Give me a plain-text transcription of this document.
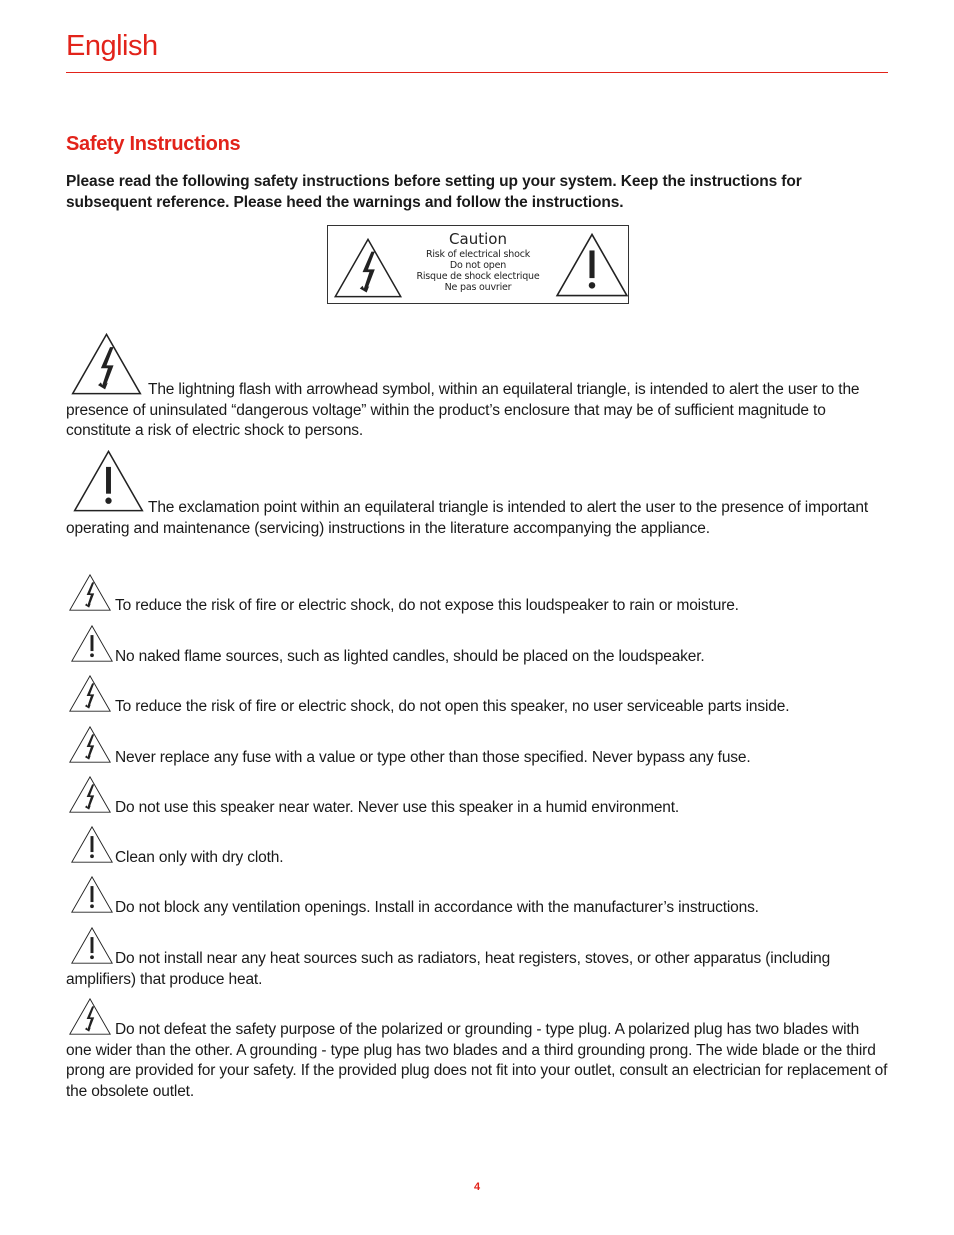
English
Safety Instructions
Please read the following safety instructions before setting up your system. Keep the instructions for subsequent reference. Please heed the warnings and follow the instructions.
Caution
Risk of electrical shock
Do not open
Risque de shock electrique
Ne pas ouvrier
The lightning flash with arrowhead symbol, within an equilateral triangle, is intended to alert the user to the presence of uninsulated “dangerous voltage” within the product’s enclosure that may be of sufficient magnitude to constitute a risk of electric shock to persons.
The exclamation point within an equilateral triangle is intended to alert the user to the presence of important operating and maintenance (servicing) instructions in the literature accompanying the appliance.
To reduce the risk of fire or electric shock, do not expose this loudspeaker to rain or moisture.
No naked flame sources, such as lighted candles, should be placed on the loudspeaker.
To reduce the risk of fire or electric shock, do not open this speaker, no user serviceable parts inside.
Never replace any fuse with a value or type other than those specified. Never bypass any fuse.
Do not use this speaker near water. Never use this speaker in a humid environment.
Clean only with dry cloth.
Do not block any ventilation openings. Install in accordance with the manufacturer’s instructions.
Do not install near any heat sources such as radiators, heat registers, stoves, or other apparatus (including amplifiers) that produce heat.
Do not defeat the safety purpose of the polarized or grounding - type plug. A polarized plug has two blades with one wider than the other. A grounding - type plug has two blades and a third grounding prong. The wide blade or the third prong are provided for your safety. If the provided plug does not fit into your outlet, consult an electrician for replacement of the obsolete outlet.
4
